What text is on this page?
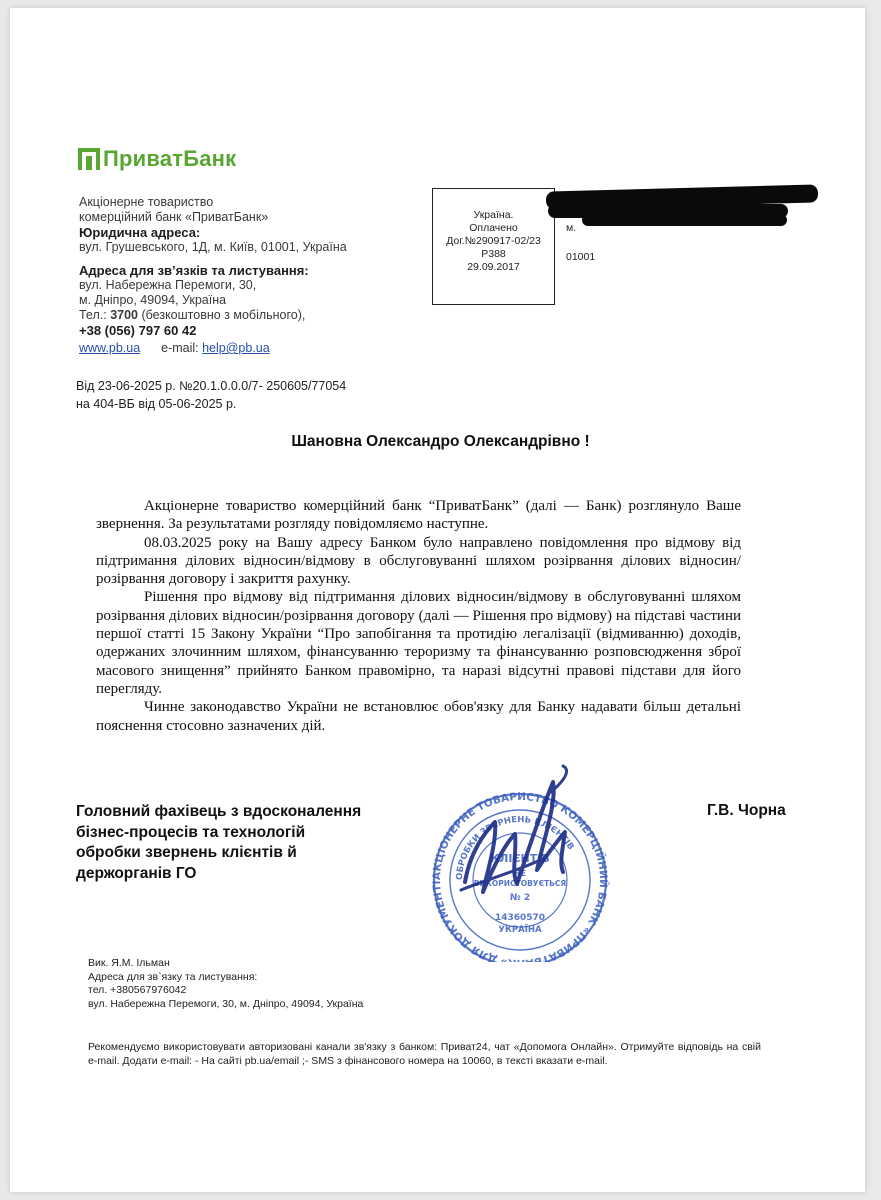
ПриватБанк
Акціонерне товариство
комерційний банк «ПриватБанк»
Юридична адреса:
вул. Грушевського, 1Д, м. Київ, 01001, Україна
Адреса для зв’язків та листування:
вул. Набережна Перемоги, 30,
м. Дніпро, 49094, Україна
Тел.: 3700 (безкоштовно з мобільного),
+38 (056) 797 60 42
www.pb.ua e-mail: help@pb.ua
Україна.
Оплачено
Дог.№290917-02/23
Р388
29.09.2017
м.
01001
Від 23-06-2025 р. №20.1.0.0.0/7- 250605/77054
на 404-ВБ від 05-06-2025 р.
Шановна Олександро Олександрівно !

Акціонерне товариство комерційний банк “ПриватБанк” (далі — Банк) розглянуло Ваше звернення. За результатами розгляду повідомляємо наступне.

08.03.2025 року на Вашу адресу Банком було направлено повідомлення про відмову від підтримання ділових відносин/відмову в обслуговуванні шляхом розірвання ділових відносин/розірвання договору і закриття рахунку.

Рішення про відмову від підтримання ділових відносин/відмову в обслуговуванні шляхом розірвання ділових відносин/розірвання договору (далі — Рішення про відмову) на підставі частини першої статті 15 Закону України “Про запобігання та протидію легалізації (відмиванню) доходів, одержаних злочинним шляхом, фінансуванню тероризму та фінансуванню розповсюдження зброї масового знищення” прийнято Банком правомірно, та наразі відсутні правові підстави для його перегляду.

Чинне законодавство України не встановлює обов'язку для Банку надавати більш детальні пояснення стосовно зазначених дій.

Головний фахівець з вдосконалення
бізнес-процесів та технологій
обробки звернень клієнтів й
держорганів ГО	АКЦІОНЕРНЕ ТОВАРИСТВО КОМЕРЦІЙНИЙ БАНК «ПРИВАТБ » ДЛЯ ДОКУМЕНТІ
ОБРОБКИ ЗВЕРНЕНЬ КЛІЄНТІВ
КЛІЄНТІВ
НЕ
ВИКОРИСТОВУЄТЬСЯ
№ 2
14360570
УКРАЇНА
Г.В. Чорна
Вик. Я.М. Ільман
Адреса для зв`язку та листування:
тел. +380567976042
вул. Набережна Перемоги, 30, м. Дніпро, 49094, Україна
Рекомендуємо використовувати авторизовані канали зв'язку з банком: Приват24, чат «Допомога Онлайн». Отримуйте відповідь на свій e-mail. Додати e-mail: - На сайті pb.ua/email ;- SMS з фінансового номера на 10060, в тексті вказати e-mail.
